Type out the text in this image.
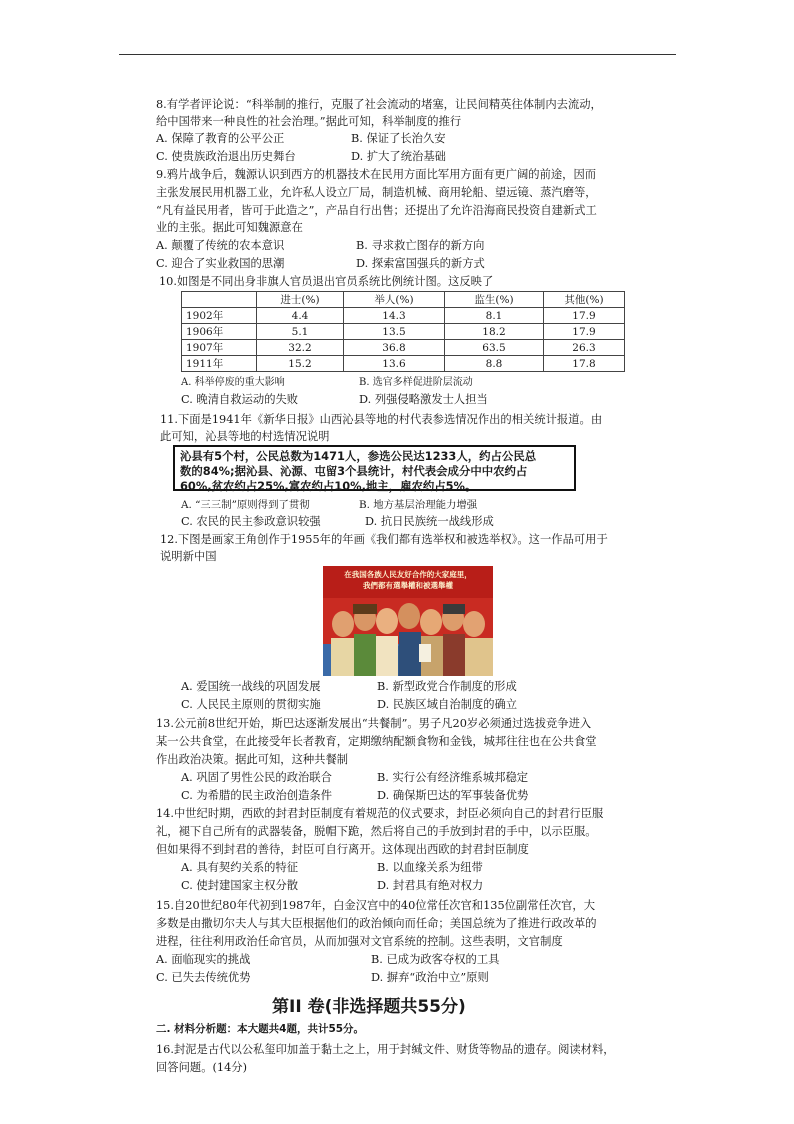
8.有学者评论说：“科举制的推行，克服了社会流动的堵塞，让民间精英往体制内去流动，
给中国带来一种良性的社会治理。”据此可知，科举制度的推行
A. 保障了教育的公平公正	B. 保证了长治久安
C. 使贵族政治退出历史舞台	D. 扩大了统治基础
9.鸦片战争后，魏源认识到西方的机器技术在民用方面比军用方面有更广阔的前途，因而
主张发展民用机器工业，允许私人设立厂局，制造机械、商用轮船、望远镜、蒸汽磨等，
“凡有益民用者，皆可于此造之”，产品自行出售；还提出了允许沿海商民投资自建新式工
业的主张。据此可知魏源意在
A. 颠覆了传统的农本意识	B. 寻求救亡图存的新方向
C. 迎合了实业救国的思潮	D. 探索富国强兵的新方式
10.如图是不同出身非旗人官员退出官员系统比例统计图。这反映了
	进士(%)	举人(%)	监生(%)	其他(%)
1902年	4.4	14.3	8.1	17.9
1906年	5.1	13.5	18.2	17.9
1907年	32.2	36.8	63.5	26.3
1911年	15.2	13.6	8.8	17.8
A. 科举停废的重大影响	B. 选官多样促进阶层流动
C. 晚清自救运动的失败	D. 列强侵略激发士人担当
11.下面是1941年《新华日报》山西沁县等地的村代表参选情况作出的相关统计报道。由
此可知，沁县等地的村选情况说明
沁县有5个村，公民总数为1471人，参选公民达1233人，约占公民总
数的84%;据沁县、沁源、屯留3个县统计，村代表会成分中中农约占
60%,贫农约占25%,富农约占10%,地主，雇农约占5%。
A. “三三制”原则得到了贯彻	B. 地方基层治理能力增强
C. 农民的民主参政意识较强	D. 抗日民族统一战线形成
12.下图是画家王角创作于1955年的年画《我们都有选举权和被选举权》。这一作品可用于
说明新中国
在我国各族人民友好合作的大家庭里，
我們都有選舉權和被選舉權
A. 爱国统一战线的巩固发展	B. 新型政党合作制度的形成
C. 人民民主原则的贯彻实施	D. 民族区域自治制度的确立
13.公元前8世纪开始，斯巴达逐渐发展出“共餐制”。男子凡20岁必须通过选拔竞争进入
某一公共食堂，在此接受年长者教育，定期缴纳配额食物和金钱，城邦往往也在公共食堂
作出政治决策。据此可知，这种共餐制
A. 巩固了男性公民的政治联合	B. 实行公有经济维系城邦稳定
C. 为希腊的民主政治创造条件	D. 确保斯巴达的军事装备优势
14.中世纪时期，西欧的封君封臣制度有着规范的仪式要求，封臣必须向自己的封君行臣服
礼，褪下自己所有的武器装备，脱帽下跪，然后将自己的手放到封君的手中，以示臣服。
但如果得不到封君的善待，封臣可自行离开。这体现出西欧的封君封臣制度
A. 具有契约关系的特征	B. 以血缘关系为纽带
C. 使封建国家主权分散	D. 封君具有绝对权力
15.自20世纪80年代初到1987年，白金汉宫中的40位常任次官和135位副常任次官，大
多数是由撒切尔夫人与其大臣根据他们的政治倾向而任命；美国总统为了推进行政改革的
进程，往往利用政治任命官员，从而加强对文官系统的控制。这些表明，文官制度
A. 面临现实的挑战	B. 已成为政客夺权的工具
C. 已失去传统优势	D. 摒弃“政治中立”原则
第II 卷(非选择题共55分)
二. 材料分析题：本大题共4题，共计55分。
16.封泥是古代以公私玺印加盖于黏土之上，用于封缄文件、财货等物品的遗存。阅读材料，
回答问题。(14分)
